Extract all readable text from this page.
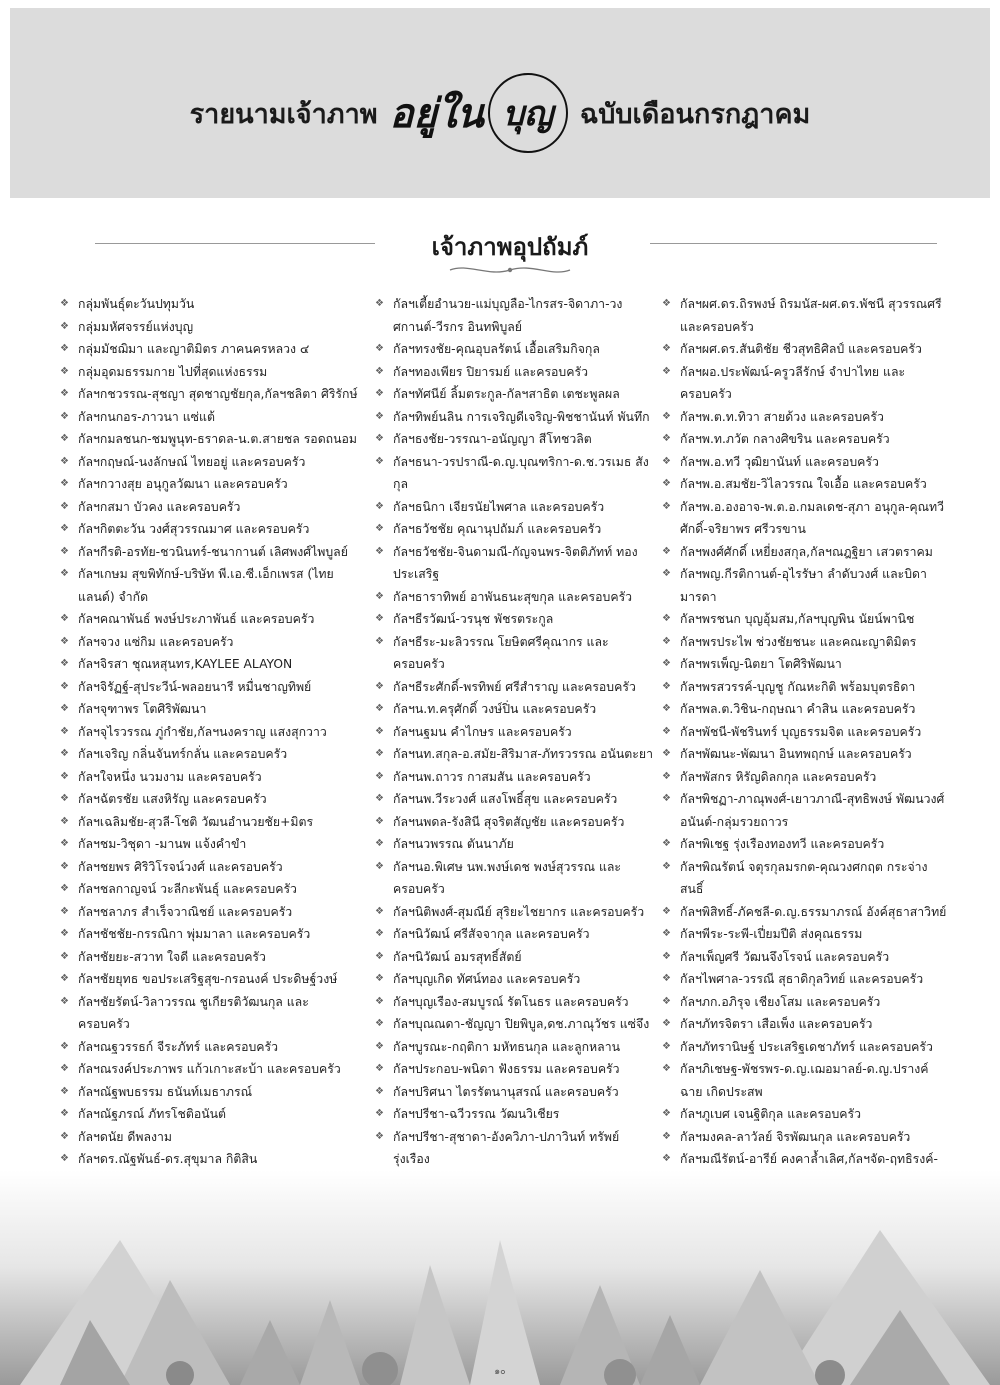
รายนามเจ้าภาพ อยู่ใน บุญ ฉบับเดือนกรกฎาคม
เจ้าภาพอุปถัมภ์
❖ กลุ่มพันธุ์ตะวันปทุมวัน
❖ กลุ่มมหัศจรรย์แห่งบุญ
❖ กลุ่มมัชฌิมา และญาติมิตร ภาคนครหลวง ๔
❖ กลุ่มอุดมธรรมกาย ไปที่สุดแห่งธรรม
❖ กัลฯกชวรรณ-สุชญา สุดชาญชัยกุล,กัลฯชลิตา ศิริรักษ์
❖ กัลฯกนกอร-ภาวนา แซ่แต้
❖ กัลฯกมลชนก-ชมพูนุท-ธราดล-น.ต.สายชล รอดถนอม
❖ กัลฯกฤษณ์-นงลักษณ์ ไทยอยู่ และครอบครัว
❖ กัลฯกวางสุย อนุกูลวัฒนา และครอบครัว
❖ กัลฯกสมา บัวคง และครอบครัว
❖ กัลฯกิตตะวัน วงศ์สุวรรณมาศ และครอบครัว
❖ กัลฯกีรติ-อรทัย-ชวนินทร์-ชนากานต์ เลิศพงศ์ไพบูลย์
❖ กัลฯเกษม สุขพิทักษ์-บริษัท พี.เอ.ซี.เอ็กเพรส (ไทยแลนด์) จำกัด
❖ กัลฯคณาพันธ์ พงษ์ประภาพันธ์ และครอบครัว
❖ กัลฯจวง แซ่กิม และครอบครัว
❖ กัลฯจิรสา ชุณหสุนทร,KAYLEE ALAYON
❖ กัลฯจิรัฏฐ์-สุประวีน์-พลอยนารี หมื่นชาญทิพย์
❖ กัลฯจุฑาพร โตศิริพัฒนา
❖ กัลฯจุไรวรรณ ภู่กำชัย,กัลฯนงคราญ แสงสุกวาว
❖ กัลฯเจริญ กลิ่นจันทร์กลั่น และครอบครัว
❖ กัลฯใจหนึ่ง นวมงาม และครอบครัว
❖ กัลฯฉัตรชัย แสงหิรัญ และครอบครัว
❖ กัลฯเฉลิมชัย-สุวลี-โชติ วัฒนอำนวยชัย+มิตร
❖ กัลฯชม-วิชุดา -มานพ แจ้งคำขำ
❖ กัลฯชยพร ศิริวิโรจน์วงศ์ และครอบครัว
❖ กัลฯชลกาญจน์ วะลีกะพันธุ์ และครอบครัว
❖ กัลฯชลาภร สำเร็จวาณิชย์ และครอบครัว
❖ กัลฯชัชชัย-กรรณิกา พุ่มมาลา และครอบครัว
❖ กัลฯชัยยะ-สวาท ใจดี และครอบครัว
❖ กัลฯชัยยุทธ ขอประเสริฐสุข-กรอนงค์ ประดิษฐ์วงษ์
❖ กัลฯชัยรัตน์-วิลาวรรณ ชูเกียรติวัฒนกุล และครอบครัว
❖ กัลฯณฐวรรธก์ จีระภัทร์ และครอบครัว
❖ กัลฯณรงค์ประภาพร แก้วเกาะสะบ้า และครอบครัว
❖ กัลฯณัฐพบธรรม ธนันท์เมธาภรณ์
❖ กัลฯณัฐภรณ์ ภัทรโชติอนันต์
❖ กัลฯดนัย ดีพลงาม
❖ กัลฯดร.ณัฐพันธ์-ดร.สุขุมาล กิติสิน
❖
❖ กัลฯเตี้ยอำนวย-แม่บุญลือ-ไกรสร-จิดาภา-วงศกานต์-วีรกร อินทพิบูลย์
❖ กัลฯทรงชัย-คุณอุบลรัตน์ เอื้อเสริมกิจกุล
❖ กัลฯทองเพียร ปิยารมย์ และครอบครัว
❖ กัลฯทัศนีย์ ลิ้มตระกูล-กัลฯสาธิต เตชะพูลผล
❖ กัลฯทิพย์นลิน การเจริญดีเจริญ-พิชชานันท์ พันทึก
❖ กัลฯธงชัย-วรรณา-อนัญญา สีโทชวลิต
❖ กัลฯธนา-วรปราณี-ด.ญ.บุณฑริกา-ด.ช.วรเมธ สังกุล
❖ กัลฯธนิกา เจียรนัยไพศาล และครอบครัว
❖ กัลฯธวัชชัย คุณานุปถัมภ์ และครอบครัว
❖ กัลฯธวัชชัย-จินดามณี-กัญจนพร-จิตติภัทท์ ทองประเสริฐ
❖ กัลฯธาราทิพย์ อาพันธนะสุขกุล และครอบครัว
❖ กัลฯธีรวัฒน์-วรนุช พัชรตระกูล
❖ กัลฯธีระ-มะลิวรรณ โยษิตศรีคุณากร และครอบครัว
❖ กัลฯธีระศักดิ์-พรทิพย์ ศรีสำราญ และครอบครัว
❖ กัลฯน.ท.ครุศักดิ์ วงษ์ปิ่น และครอบครัว
❖ กัลฯนฐมน คำไกษร และครอบครัว
❖ กัลฯนท.สกุล-อ.สมัย-สิริมาส-ภัทรวรรณ อนันตะยา
❖ กัลฯนพ.ถาวร กาสมสัน และครอบครัว
❖ กัลฯนพ.วีระวงศ์ แสงโพธิ์สุข และครอบครัว
❖ กัลฯนพดล-รังสินี สุจริตสัญชัย และครอบครัว
❖ กัลฯนวพรรณ ตันนาภัย
❖ กัลฯนอ.พิเศษ นพ.พงษ์เดช พงษ์สุวรรณ และครอบครัว
❖ กัลฯนิติพงศ์-สุมณีย์ สุริยะไชยากร และครอบครัว
❖ กัลฯนิวัฒน์ ศรีสัจจากุล และครอบครัว
❖ กัลฯนิวัฒน์ อมรสุทธิ์สัตย์
❖ กัลฯบุญเกิด ทัศน์ทอง และครอบครัว
❖ กัลฯบุญเรือง-สมบูรณ์ รัตโนธร และครอบครัว
❖ กัลฯบุณณดา-ชัญญา ปิยพิบูล,ดช.ภาณุวัชร แซ่จึง
❖ กัลฯบูรณะ-กฤติกา มหัทธนกุล และลูกหลาน
❖ กัลฯประกอบ-พนิดา ฟังธรรม และครอบครัว
❖ กัลฯปริศนา ไตรรัตนานุสรณ์ และครอบครัว
❖ กัลฯปรีชา-ฉวีวรรณ วัฒนวิเชียร
❖ กัลฯปรีชา-สุชาดา-อังควิภา-ปภาวินท์ ทรัพย์รุ่งเรือง
❖
❖
❖
❖
❖ กัลฯผศ.ดร.ถิรพงษ์ ถิรมนัส-ผศ.ดร.พัชนี สุวรรณศรี และครอบครัว
❖ กัลฯผศ.ดร.สันติชัย ชีวสุทธิศิลป์ และครอบครัว
❖ กัลฯผอ.ประพัฒน์-ครูวลีรักษ์ จำปาไทย และครอบครัว
❖ กัลฯพ.ต.ท.ทิวา สายด้วง และครอบครัว
❖ กัลฯพ.ท.ภวัต กลางศิขริน และครอบครัว
❖ กัลฯพ.อ.ทวี วุฒิยานันท์ และครอบครัว
❖ กัลฯพ.อ.สมชัย-วิไลวรรณ ใจเอื้อ และครอบครัว
❖ กัลฯพ.อ.องอาจ-พ.ต.อ.กมลเดช-สุภา อนุกูล-คุณทวีศักดิ์-จริยาพร ศรีวรขาน
❖ กัลฯพงศ์ศักดิ์ เหยี่ยงสกุล,กัลฯณฎฐิยา เสวตราคม
❖ กัลฯพญ.กีรติกานต์-อุไรรัษา ลำดับวงศ์ และบิดามารดา
❖ กัลฯพรชนก บุญอุ้มสม,กัลฯบุญพิน นัยน์พานิช
❖ กัลฯพรประไพ ช่วงชัยชนะ และคณะญาติมิตร
❖ กัลฯพรเพ็ญ-นิตยา โตศิริพัฒนา
❖ กัลฯพรสวรรค์-บุญชู กัณหะกิติ พร้อมบุตรธิดา
❖ กัลฯพล.ต.วิชิน-กฤษณา คำสิน และครอบครัว
❖ กัลฯพัชนี-พัชรินทร์ บุญธรรมจิต และครอบครัว
❖ กัลฯพัฒนะ-พัฒนา อินทพฤกษ์ และครอบครัว
❖ กัลฯพัสกร หิรัญดิลกกุล และครอบครัว
❖ กัลฯพิชฏา-ภาณุพงศ์-เยาวภาณี-สุทธิพงษ์ พัฒนวงศ์อนันต์-กลุ่มรวยถาวร
❖ กัลฯพิเชฐ รุ่งเรืองทองทวี และครอบครัว
❖ กัลฯพิณรัตน์ จตุรกุลมรกต-คุณวงศกฤต กระจ่างสนธิ์
❖ กัลฯพิสิทธิ์-ภัคชลี-ด.ญ.ธรรมาภรณ์ อังค์สุธาสาวิทย์
❖ กัลฯพีระ-ระพี-เปี่ยมปีติ ส่งคุณธรรม
❖ กัลฯเพ็ญศรี วัฒนจึงโรจน์ และครอบครัว
❖ กัลฯไพศาล-วรรณี สุธาดิกุลวิทย์ และครอบครัว
❖ กัลฯภก.อภิรุจ เชียงโสม และครอบครัว
❖ กัลฯภัทรจิตรา เสือเพ็ง และครอบครัว
❖ กัลฯภัทรานิษฐ์ ประเสริฐเดชาภัทร์ และครอบครัว
❖ กัลฯภิเชษฐ-พัชรพร-ด.ญ.เฌอมาลย์-ด.ญ.ปรางค์ฉาย เกิดประสพ
❖ กัลฯภูเบศ เจนฐิติกุล และครอบครัว
❖ กัลฯมงคล-ลาวัลย์ จิรพัฒนกุล และครอบครัว
❖ กัลฯมณีรัตน์-อารีย์ คงคาล้ำเลิศ,กัลฯจัด-ฤทธิรงค์-
๑๐
